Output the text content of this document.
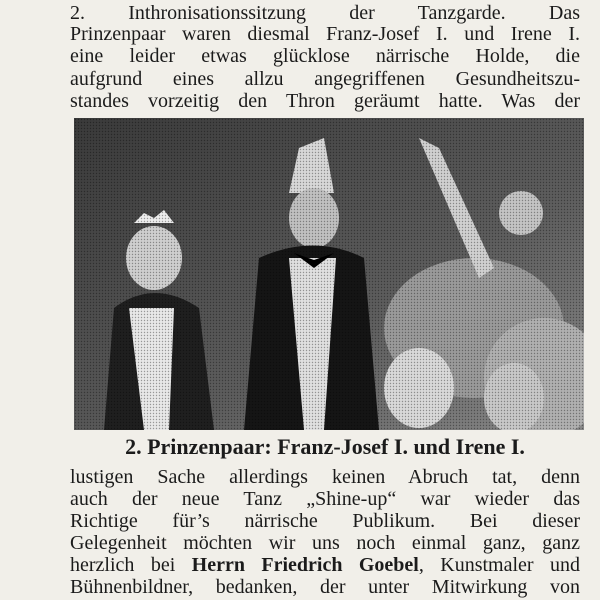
2. Inthronisationssitzung der Tanzgarde. Das
Prinzenpaar waren diesmal Franz-Josef I. und Irene I.
eine leider etwas glücklose närrische Holde, die
aufgrund eines allzu angegriffenen Gesundheitszu-
standes vorzeitig den Thron geräumt hatte. Was der
2. Prinzenpaar: Franz-Josef I. und Irene I.
lustigen Sache allerdings keinen Abruch tat, denn
auch der neue Tanz „Shine-up“ war wieder das
Richtige für’s närrische Publikum. Bei dieser
Gelegenheit möchten wir uns noch einmal ganz, ganz
herzlich bei Herrn Friedrich Goebel, Kunstmaler und
Bühnenbildner, bedanken, der unter Mitwirkung von
